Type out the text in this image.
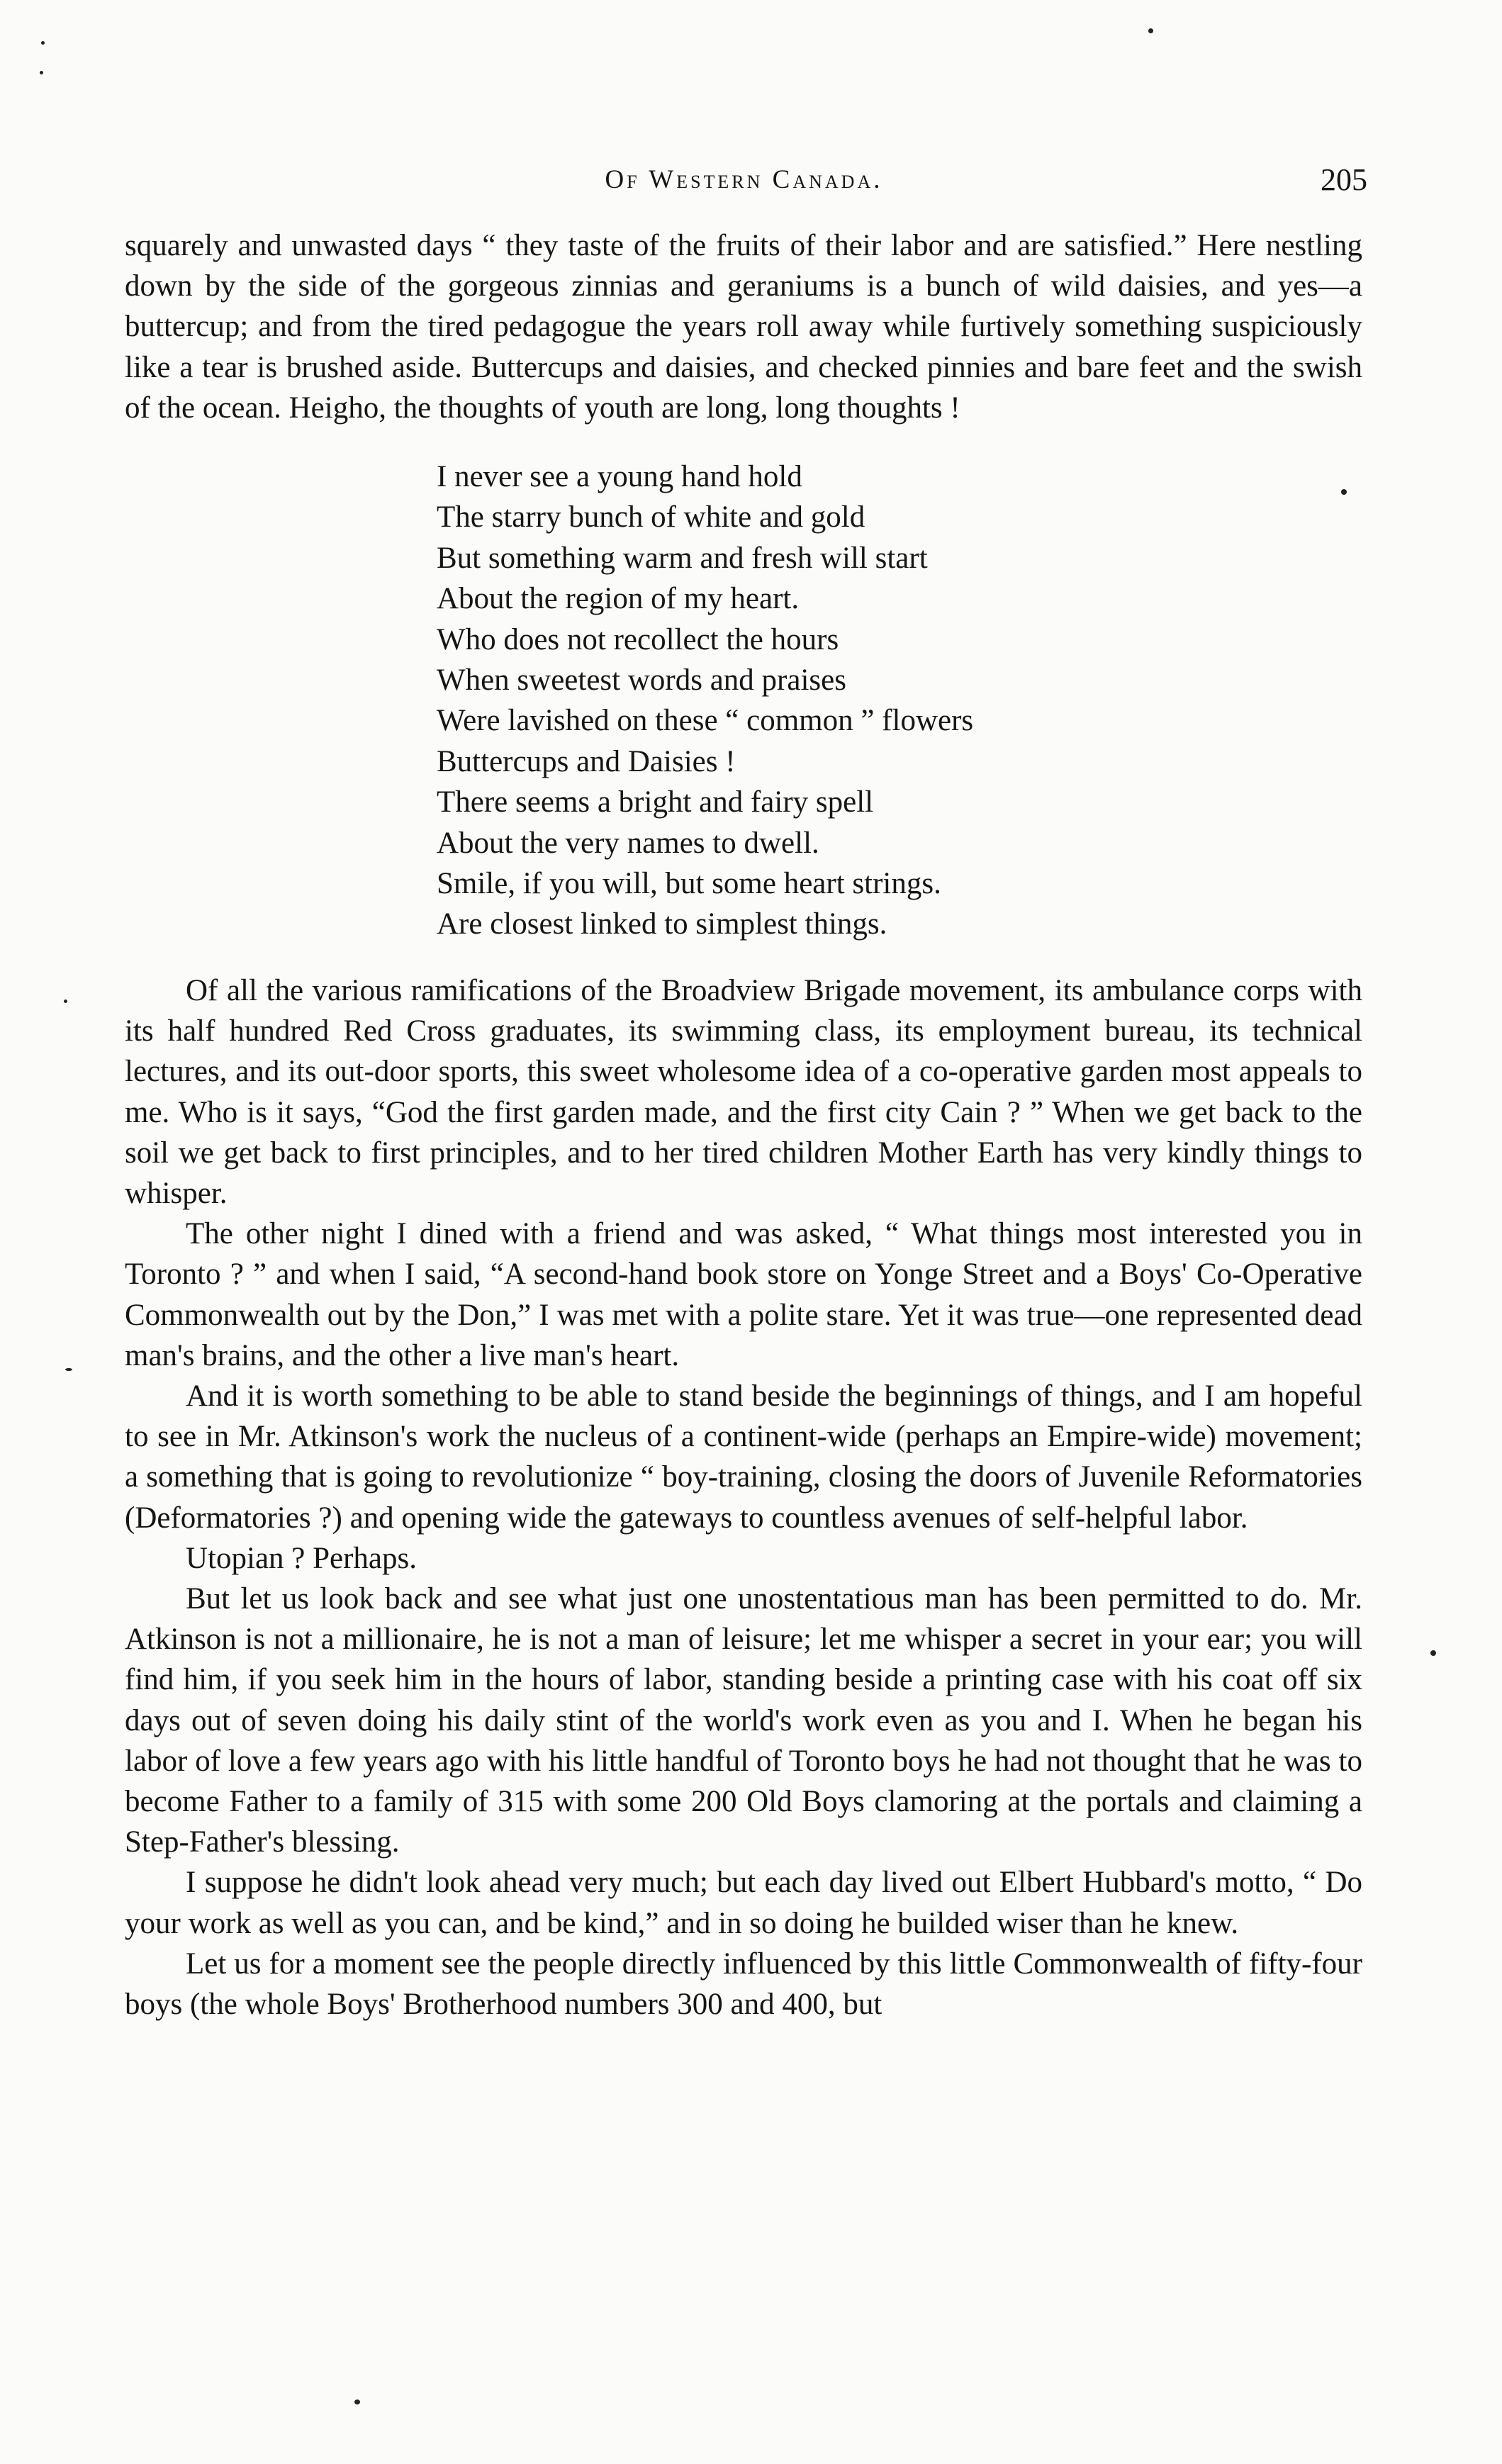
Of Western Canada.	205

squarely and unwasted days “ they taste of the fruits of their labor and are satisfied.” Here nestling down by the side of the gorgeous zinnias and geraniums is a bunch of wild daisies, and yes—a buttercup; and from the tired pedagogue the years roll away while furtively something suspiciously like a tear is brushed aside. Buttercups and daisies, and checked pinnies and bare feet and the swish of the ocean. Heigho, the thoughts of youth are long, long thoughts !

I never see a young hand hold
The starry bunch of white and gold
But something warm and fresh will start
About the region of my heart.
Who does not recollect the hours
When sweetest words and praises
Were lavished on these “ common ” flowers
Buttercups and Daisies !
There seems a bright and fairy spell
About the very names to dwell.
Smile, if you will, but some heart strings.
Are closest linked to simplest things.

Of all the various ramifications of the Broadview Brigade movement, its ambulance corps with its half hundred Red Cross graduates, its swimming class, its employment bureau, its technical lectures, and its out-door sports, this sweet wholesome idea of a co-operative garden most appeals to me. Who is it says, “God the first garden made, and the first city Cain ? ” When we get back to the soil we get back to first principles, and to her tired children Mother Earth has very kindly things to whisper.

The other night I dined with a friend and was asked, “ What things most interested you in Toronto ? ” and when I said, “A second-hand book store on Yonge Street and a Boys' Co-Operative Commonwealth out by the Don,” I was met with a polite stare. Yet it was true—one represented dead man's brains, and the other a live man's heart.

And it is worth something to be able to stand beside the beginnings of things, and I am hopeful to see in Mr. Atkinson's work the nucleus of a continent-wide (perhaps an Empire-wide) movement; a something that is going to revolutionize “ boy-training, closing the doors of Juvenile Reformatories (Deformatories ?) and opening wide the gateways to countless avenues of self-helpful labor.

Utopian ? Perhaps.

But let us look back and see what just one unostentatious man has been permitted to do. Mr. Atkinson is not a millionaire, he is not a man of leisure; let me whisper a secret in your ear; you will find him, if you seek him in the hours of labor, standing beside a printing case with his coat off six days out of seven doing his daily stint of the world's work even as you and I. When he began his labor of love a few years ago with his little handful of Toronto boys he had not thought that he was to become Father to a family of 315 with some 200 Old Boys clamoring at the portals and claiming a Step-Father's blessing.

I suppose he didn't look ahead very much; but each day lived out Elbert Hubbard's motto, “ Do your work as well as you can, and be kind,” and in so doing he builded wiser than he knew.

Let us for a moment see the people directly influenced by this little Commonwealth of fifty-four boys (the whole Boys' Brotherhood numbers 300 and 400, but
